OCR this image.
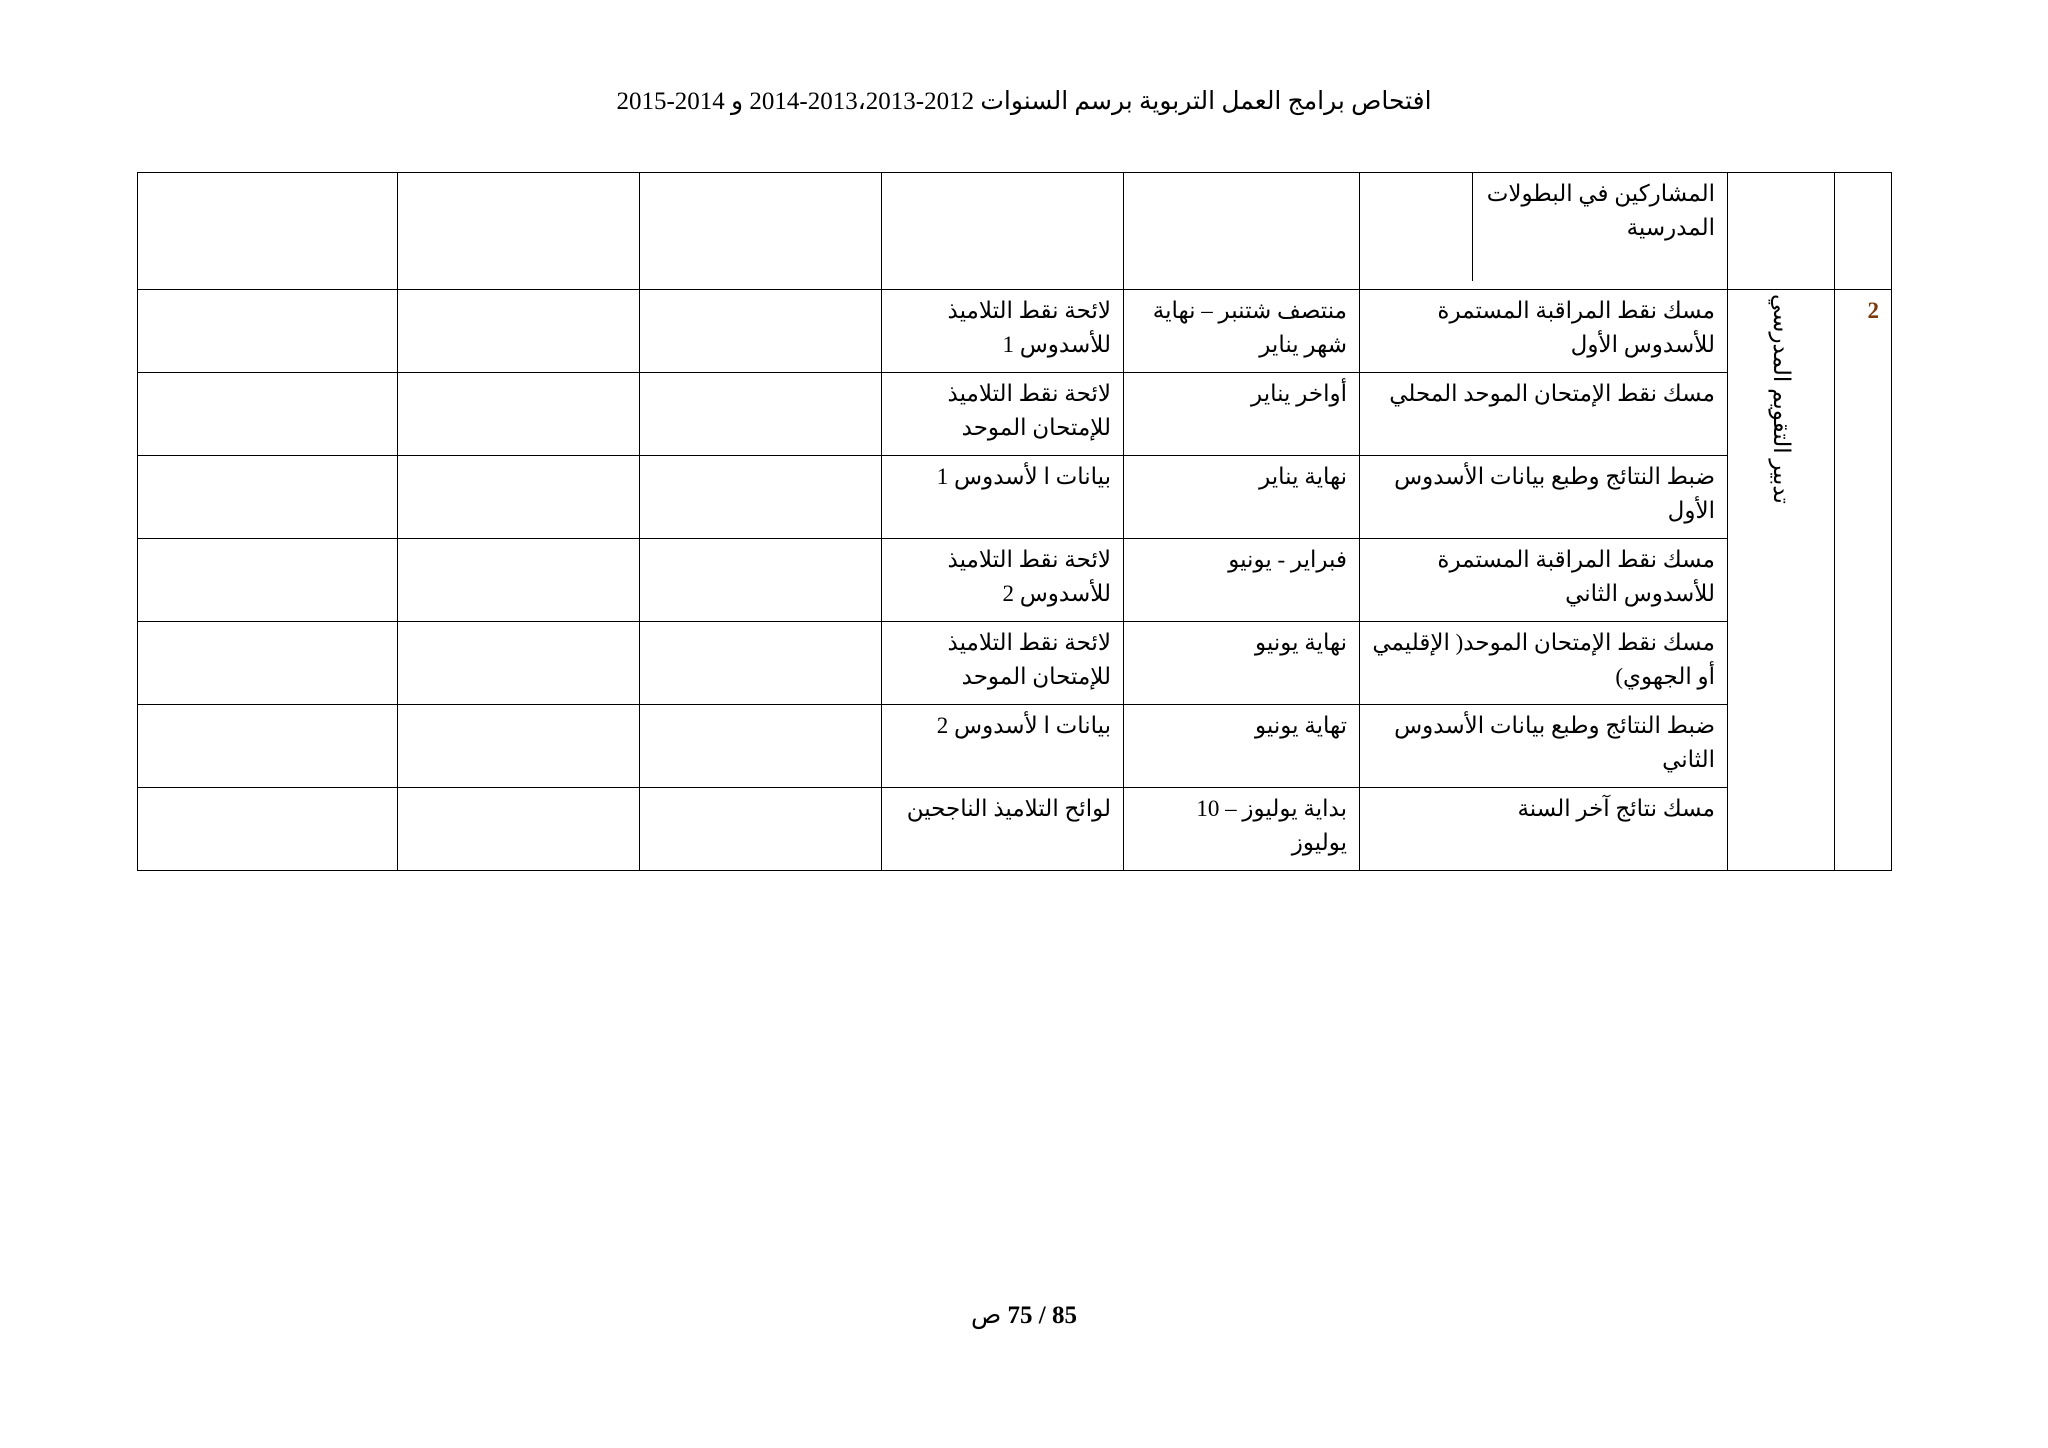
افتحاص برامج العمل التربوية برسم السنوات 2012-2013،2013-2014 و 2014-2015

		المشاركين في البطولات المدرسية					

2	تدبير التقويم المدرسي	مسك نقط المراقبة المستمرة للأسدوس الأول	منتصف شتنبر – نهاية شهر يناير	لائحة نقط التلاميذ للأسدوس 1			
		مسك نقط الإمتحان الموحد المحلي	أواخر يناير	لائحة نقط التلاميذ للإمتحان الموحد			
		ضبط النتائج وطبع بيانات الأسدوس الأول	نهاية يناير	بيانات ا لأسدوس 1			
		مسك نقط المراقبة المستمرة للأسدوس الثاني	فبراير - يونيو	لائحة نقط التلاميذ للأسدوس 2			
		مسك نقط الإمتحان الموحد( الإقليمي أو الجهوي)	نهاية يونيو	لائحة نقط التلاميذ للإمتحان الموحد			
		ضبط النتائج وطبع بيانات الأسدوس الثاني	تهاية يونيو	بيانات ا لأسدوس 2			
		مسك نتائج آخر السنة	بداية يوليوز – 10 يوليوز	لوائح التلاميذ الناجحين			
85 / 75 ص
